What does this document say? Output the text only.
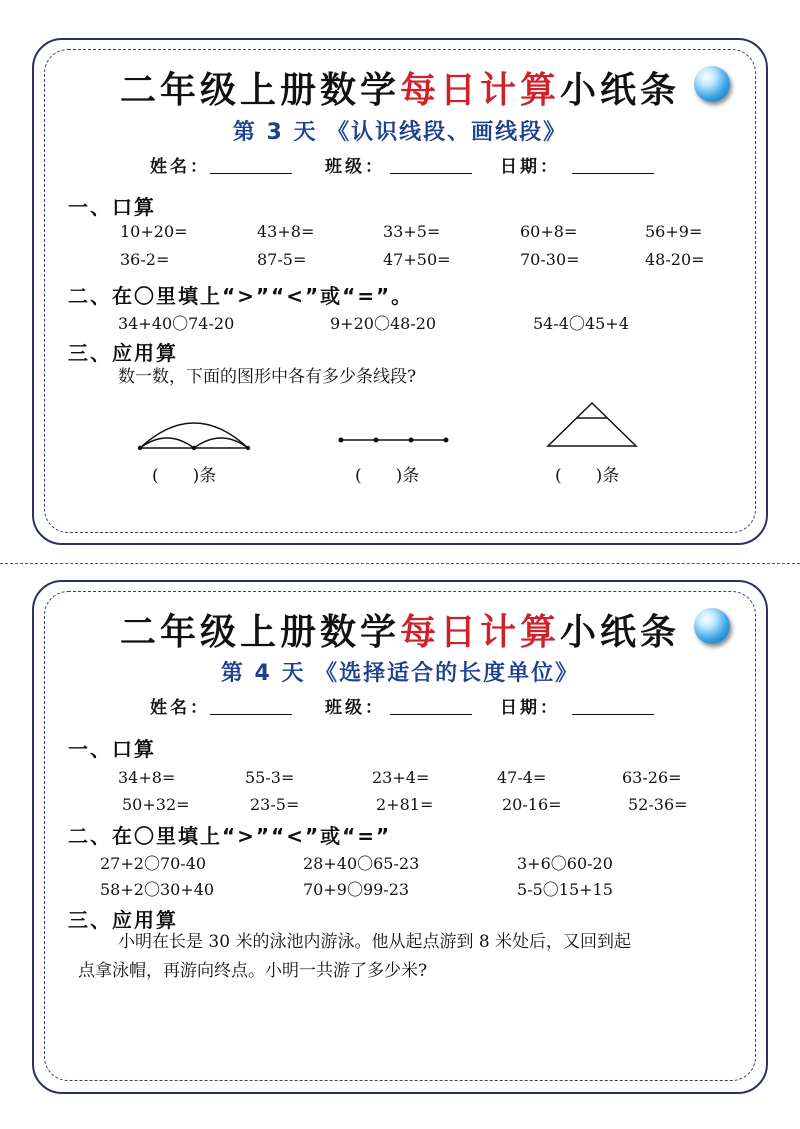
二年级上册数学每日计算小纸条
第 3 天 《认识线段、画线段》
姓名：	班级：	日期：
一、口算
10+20=	43+8=	33+5=	60+8=	56+9=
36-2=	87-5=	47+50=	70-30=	48-20=
二、在〇里填上“>”“<”或“=”。
34+40〇74-20	9+20〇48-20	54-4〇45+4
三、应用算
数一数，下面的图形中各有多少条线段?
(　　)条	(　　)条	(　　)条
二年级上册数学每日计算小纸条
第 4 天 《选择适合的长度单位》
姓名：	班级：	日期：
一、口算
34+8=	55-3=	23+4=	47-4=	63-26=
50+32=	23-5=	2+81=	20-16=	52-36=
二、在〇里填上“>”“<”或“=”
27+2〇70-40	28+40〇65-23	3+6〇60-20
58+2〇30+40	70+9〇99-23	5-5〇15+15
三、应用算
小明在长是 30 米的泳池内游泳。他从起点游到 8 米处后，又回到起
点拿泳帽，再游向终点。小明一共游了多少米?
